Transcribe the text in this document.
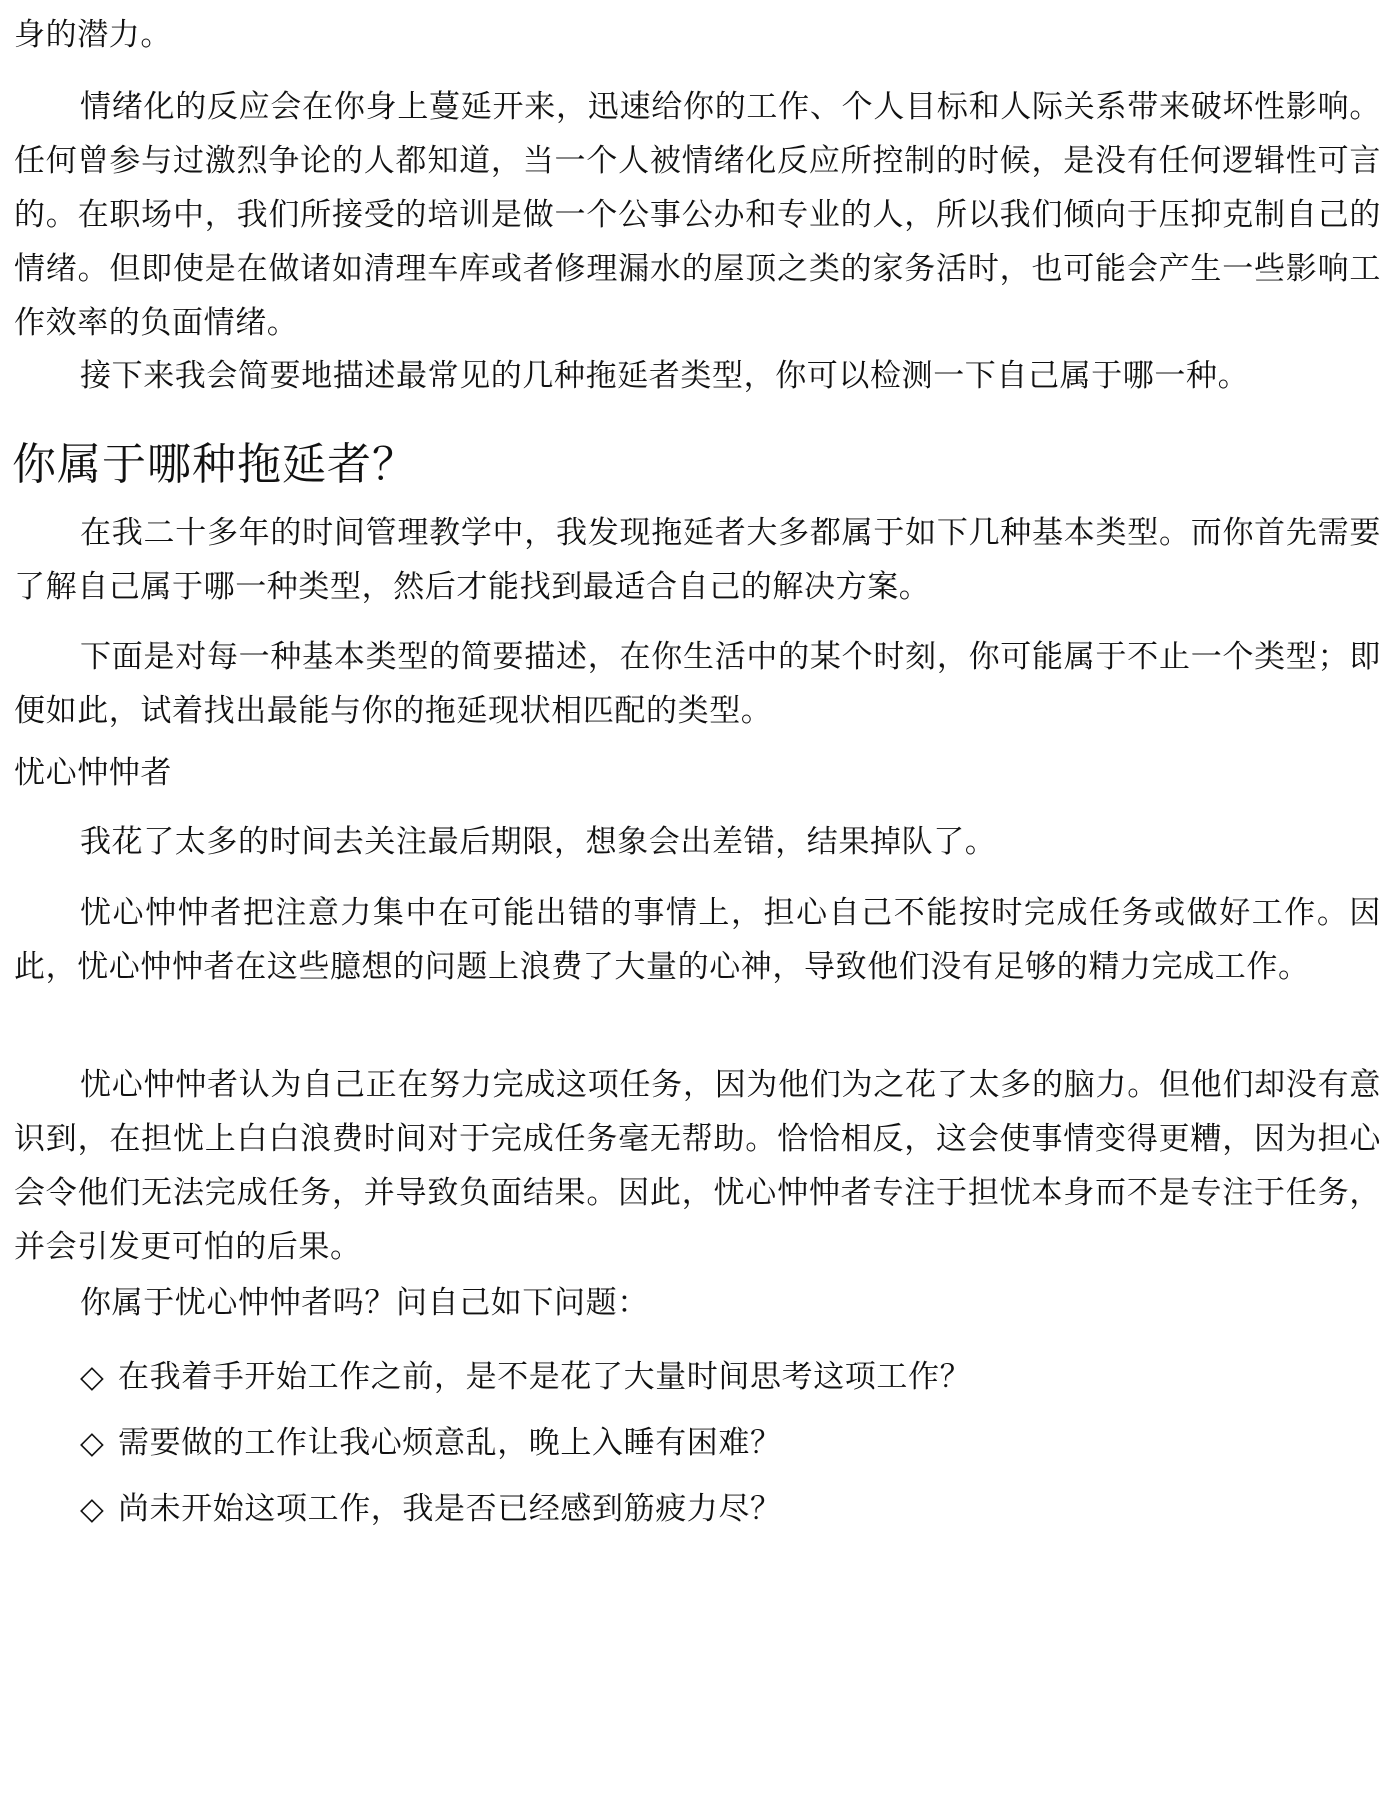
身的潜力。

情绪化的反应会在你身上蔓延开来，迅速给你的工作、个人目标和人际关系带来破坏性影响。任何曾参与过激烈争论的人都知道，当一个人被情绪化反应所控制的时候，是没有任何逻辑性可言的。在职场中，我们所接受的培训是做一个公事公办和专业的人，所以我们倾向于压抑克制自己的情绪。但即使是在做诸如清理车库或者修理漏水的屋顶之类的家务活时，也可能会产生一些影响工作效率的负面情绪。

接下来我会简要地描述最常见的几种拖延者类型，你可以检测一下自己属于哪一种。

你属于哪种拖延者？

在我二十多年的时间管理教学中，我发现拖延者大多都属于如下几种基本类型。而你首先需要了解自己属于哪一种类型，然后才能找到最适合自己的解决方案。

下面是对每一种基本类型的简要描述，在你生活中的某个时刻，你可能属于不止一个类型；即便如此，试着找出最能与你的拖延现状相匹配的类型。

忧心忡忡者

我花了太多的时间去关注最后期限，想象会出差错，结果掉队了。

忧心忡忡者把注意力集中在可能出错的事情上，担心自己不能按时完成任务或做好工作。因此，忧心忡忡者在这些臆想的问题上浪费了大量的心神，导致他们没有足够的精力完成工作。

忧心忡忡者认为自己正在努力完成这项任务，因为他们为之花了太多的脑力。但他们却没有意识到，在担忧上白白浪费时间对于完成任务毫无帮助。恰恰相反，这会使事情变得更糟，因为担心会令他们无法完成任务，并导致负面结果。因此，忧心忡忡者专注于担忧本身而不是专注于任务，并会引发更可怕的后果。

你属于忧心忡忡者吗？问自己如下问题：

◇ 在我着手开始工作之前，是不是花了大量时间思考这项工作？
◇ 需要做的工作让我心烦意乱，晚上入睡有困难？
◇ 尚未开始这项工作，我是否已经感到筋疲力尽？
